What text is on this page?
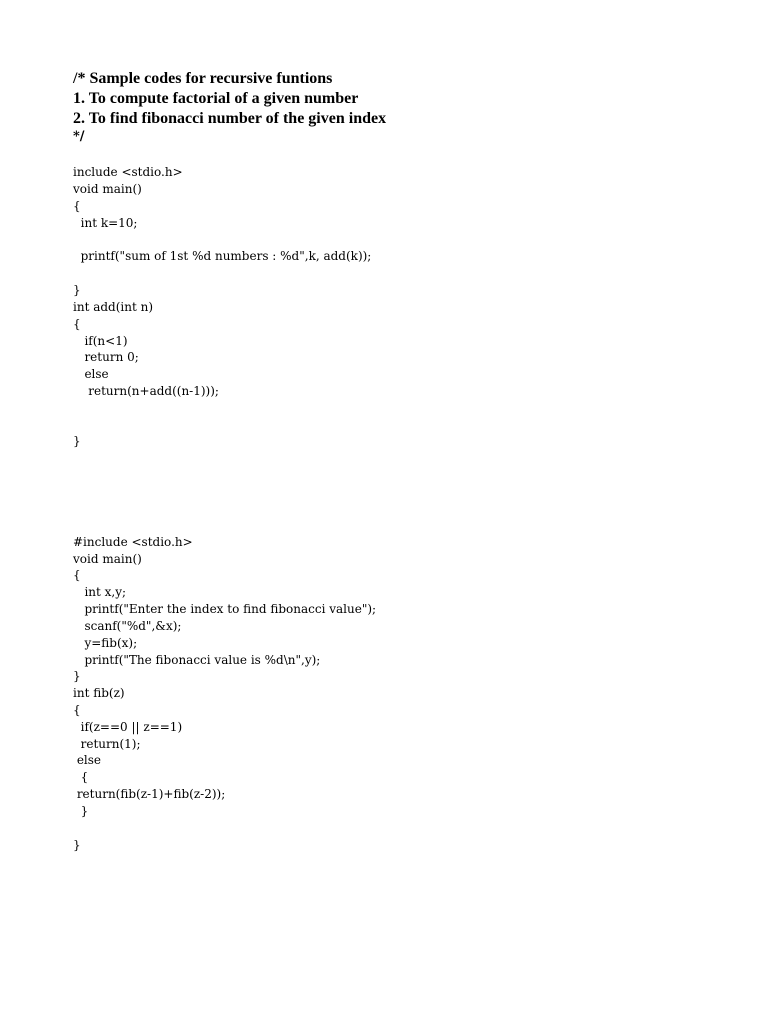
/* Sample codes for recursive funtions

1. To compute factorial of a given number

2. To find fibonacci number of the given index

*/

include <stdio.h>

void main()

{

int k=10;

printf("sum of 1st %d numbers : %d",k, add(k));

}

int add(int n)

{

if(n<1)

return 0;

else

return(n+add((n-1)));

}

#include <stdio.h>

void main()

{

int x,y;

printf("Enter the index to find fibonacci value");

scanf("%d",&x);

y=fib(x);

printf("The fibonacci value is %d\n",y);

}

int fib(z)

{

if(z==0 || z==1)

return(1);

else

{

return(fib(z-1)+fib(z-2));

}

}
